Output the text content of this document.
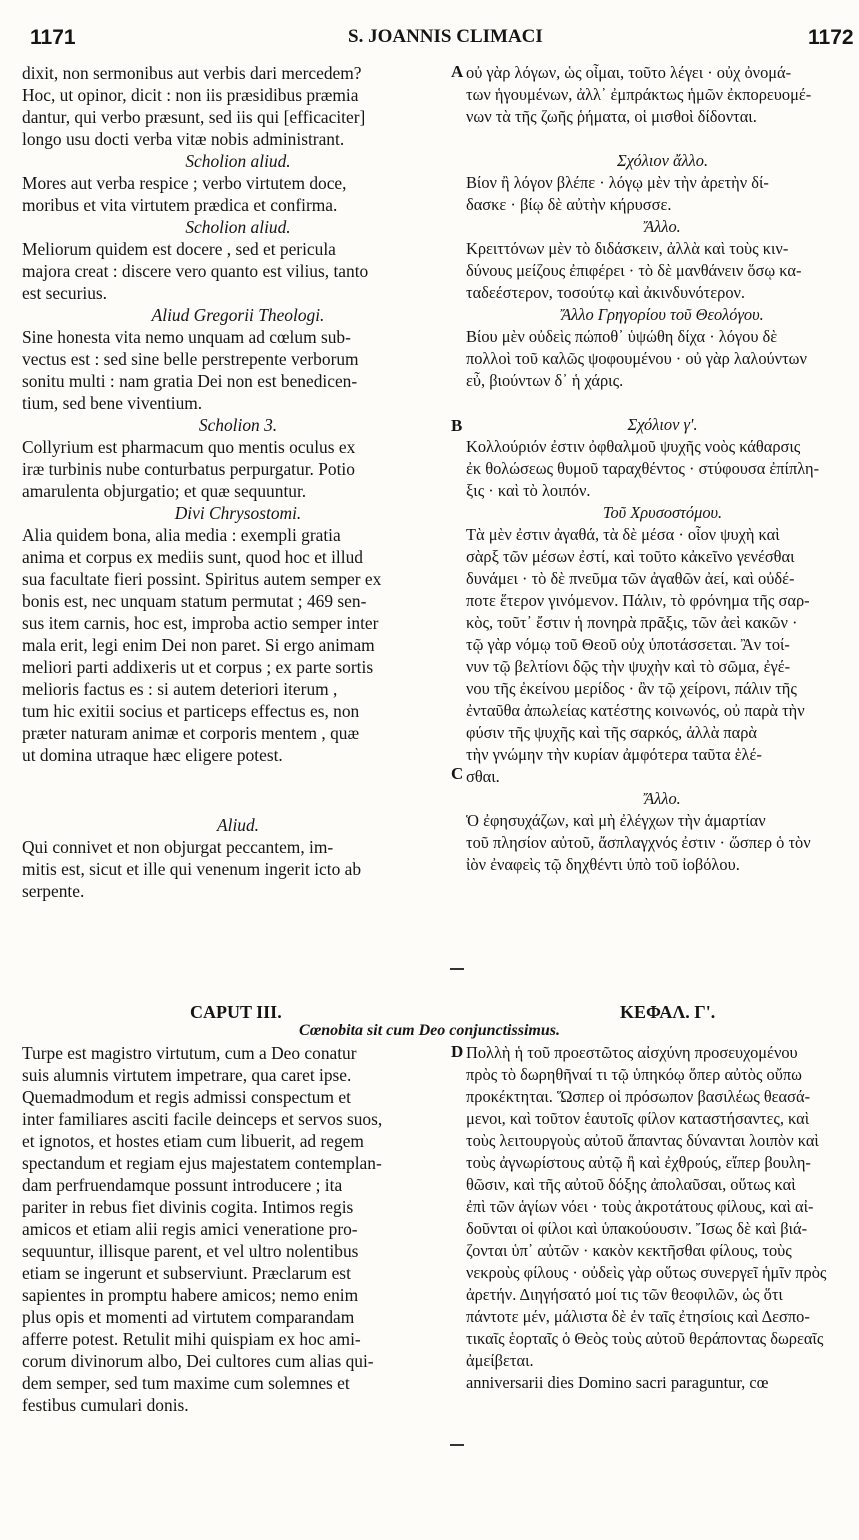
1171	S. JOANNIS CLIMACI	1172
A
B
C
D
dixit, non sermonibus aut verbis dari mercedem?
Hoc, ut opinor, dicit : non iis præsidibus præmia
dantur, qui verbo præsunt, sed iis qui [efficaciter]
longo usu docti verba vitæ nobis administrant.
Scholion aliud.
Mores aut verba respice ; verbo virtutem doce,
moribus et vita virtutem prædica et confirma.
Scholion aliud.
Meliorum quidem est docere , sed et pericula
majora creat : discere vero quanto est vilius, tanto
est securius.
Aliud Gregorii Theologi.
Sine honesta vita nemo unquam ad cœlum sub-
vectus est : sed sine belle perstrepente verborum
sonitu multi : nam gratia Dei non est benedicen-
tium, sed bene viventium.
Scholion 3.
Collyrium est pharmacum quo mentis oculus ex
iræ turbinis nube conturbatus perpurgatur. Potio
amarulenta objurgatio; et quæ sequuntur.
Divi Chrysostomi.
Alia quidem bona, alia media : exempli gratia
anima et corpus ex mediis sunt, quod hoc et illud
sua facultate fieri possint. Spiritus autem semper ex
bonis est, nec unquam statum permutat ; 469 sen-
sus item carnis, hoc est, improba actio semper inter
mala erit, legi enim Dei non paret. Si ergo animam
meliori parti addixeris ut et corpus ; ex parte sortis
melioris factus es : si autem deteriori iterum ,
tum hic exitii socius et particeps effectus es, non
præter naturam animæ et corporis mentem , quæ
ut domina utraque hæc eligere potest.
Aliud.
Qui connivet et non objurgat peccantem, im-
mitis est, sicut et ille qui venenum ingerit icto ab
serpente.
οὐ γὰρ λόγων, ὡς οἶμαι, τοῦτο λέγει · οὐχ ὀνομά-
των ἡγουμένων, ἀλλ᾽ ἐμπράκτως ἡμῶν ἐκπορευομέ-
νων τὰ τῆς ζωῆς ῥήματα, οἱ μισθοὶ δίδονται.
Σχόλιον ἄλλο.
Βίον ἢ λόγον βλέπε · λόγῳ μὲν τὴν ἀρετὴν δί-
δασκε · βίῳ δὲ αὐτὴν κήρυσσε.
Ἄλλο.
Κρειττόνων μὲν τὸ διδάσκειν, ἀλλὰ καὶ τοὺς κιν-
δύνους μείζους ἐπιφέρει · τὸ δὲ μανθάνειν ὅσῳ κα-
ταδεέστερον, τοσούτῳ καὶ ἀκινδυνότερον.
Ἄλλο Γρηγορίου τοῦ Θεολόγου.
Βίου μὲν οὐδεὶς πώποθ᾽ ὑψώθη δίχα · λόγου δὲ
πολλοὶ τοῦ καλῶς ψοφουμένου · οὐ γὰρ λαλούντων
εὖ, βιούντων δ᾽ ἡ χάρις.
Σχόλιον γ'.
Κολλούριόν ἐστιν ὀφθαλμοῦ ψυχῆς νοὸς κάθαρσις
ἐκ θολώσεως θυμοῦ ταραχθέντος · στύφουσα ἐπίπλη-
ξις · καὶ τὸ λοιπόν.
Τοῦ Χρυσοστόμου.
Τὰ μὲν ἐστιν ἀγαθά, τὰ δὲ μέσα · οἷον ψυχὴ καὶ
σὰρξ τῶν μέσων ἐστί, καὶ τοῦτο κἀκεῖνο γενέσθαι
δυνάμει · τὸ δὲ πνεῦμα τῶν ἀγαθῶν ἀεί, καὶ οὐδέ-
ποτε ἕτερον γινόμενον. Πάλιν, τὸ φρόνημα τῆς σαρ-
κὸς, τοῦτ᾽ ἔστιν ἡ πονηρὰ πρᾶξις, τῶν ἀεὶ κακῶν ·
τῷ γὰρ νόμῳ τοῦ Θεοῦ οὐχ ὑποτάσσεται. Ἂν τοί-
νυν τῷ βελτίονι δῷς τὴν ψυχὴν καὶ τὸ σῶμα, ἐγέ-
νου τῆς ἐκείνου μερίδος · ἂν τῷ χείρονι, πάλιν τῆς
ἐνταῦθα ἀπωλείας κατέστης κοινωνός, οὐ παρὰ τὴν
φύσιν τῆς ψυχῆς καὶ τῆς σαρκός, ἀλλὰ παρὰ
τὴν γνώμην τὴν κυρίαν ἀμφότερα ταῦτα ἑλέ-
σθαι.
Ἄλλο.
Ὁ ἐφησυχάζων, καὶ μὴ ἐλέγχων τὴν ἁμαρτίαν
τοῦ πλησίον αὐτοῦ, ἄσπλαγχνός ἐστιν · ὥσπερ ὁ τὸν
ἰὸν ἐναφεὶς τῷ δηχθέντι ὑπὸ τοῦ ἰοβόλου.
CAPUT III.	ΚΕΦΑΛ. Γ'.
Cœnobita sit cum Deo conjunctissimus.
Turpe est magistro virtutum, cum a Deo conatur
suis alumnis virtutem impetrare, qua caret ipse.
Quemadmodum et regis admissi conspectum et
inter familiares asciti facile deinceps et servos suos,
et ignotos, et hostes etiam cum libuerit, ad regem
spectandum et regiam ejus majestatem contemplan-
dam perfruendamque possunt introducere ; ita
pariter in rebus fiet divinis cogita. Intimos regis
amicos et etiam alii regis amici veneratione pro-
sequuntur, illisque parent, et vel ultro nolentibus
etiam se ingerunt et subserviunt. Præclarum est
sapientes in promptu habere amicos; nemo enim
plus opis et momenti ad virtutem comparandam
afferre potest. Retulit mihi quispiam ex hoc ami-
corum divinorum albo, Dei cultores cum alias qui-
dem semper, sed tum maxime cum solemnes et
festibus cumulari donis.
Πολλὴ ἡ τοῦ προεστῶτος αἰσχύνη προσευχομένου
πρὸς τὸ δωρηθῆναί τι τῷ ὑπηκόῳ ὅπερ αὐτὸς οὔπω
προκέκτηται. Ὥσπερ οἱ πρόσωπον βασιλέως θεασά-
μενοι, καὶ τοῦτον ἑαυτοῖς φίλον καταστήσαντες, καὶ
τοὺς λειτουργοὺς αὐτοῦ ἅπαντας δύνανται λοιπὸν καὶ
τοὺς ἀγνωρίστους αὐτῷ ἢ καὶ ἐχθρούς, εἴπερ βουλη-
θῶσιν, καὶ τῆς αὐτοῦ δόξης ἀπολαῦσαι, οὕτως καὶ
ἐπὶ τῶν ἁγίων νόει · τοὺς ἀκροτάτους φίλους, καὶ αἰ-
δοῦνται οἱ φίλοι καὶ ὑπακούουσιν. Ἴσως δὲ καὶ βιά-
ζονται ὑπ᾽ αὐτῶν · κακὸν κεκτῆσθαι φίλους, τοὺς
νεκροὺς φίλους · οὐδεὶς γὰρ οὕτως συνεργεῖ ἡμῖν πρὸς
ἀρετήν. Διηγήσατό μοί τις τῶν θεοφιλῶν, ὡς ὅτι
πάντοτε μέν, μάλιστα δὲ ἐν ταῖς ἐτησίοις καὶ Δεσπο-
τικαῖς ἑορταῖς ὁ Θεὸς τοὺς αὐτοῦ θεράποντας δωρεαῖς
ἀμείβεται.
anniversarii dies Domino sacri paraguntur, cœ
